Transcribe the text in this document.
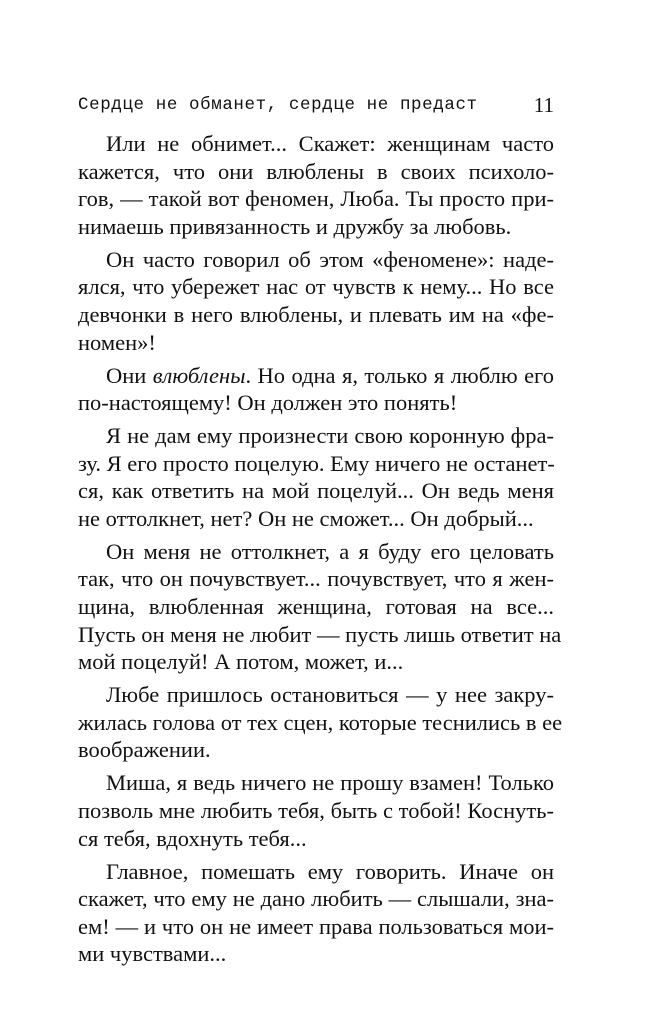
Сердце не обманет, сердце не предаст	11
Или не обнимет... Скажет: женщинам часто
кажется, что они влюблены в своих психоло-
гов, — такой вот феномен, Люба. Ты просто при-
нимаешь привязанность и дружбу за любовь.
Он часто говорил об этом «феномене»: наде-
ялся, что убережет нас от чувств к нему... Но все
девчонки в него влюблены, и плевать им на «фе-
номен»!
Они влюблены. Но одна я, только я люблю его
по-настоящему! Он должен это понять!
Я не дам ему произнести свою коронную фра-
зу. Я его просто поцелую. Ему ничего не останет-
ся, как ответить на мой поцелуй... Он ведь меня
не оттолкнет, нет? Он не сможет... Он добрый...
Он меня не оттолкнет, а я буду его целовать
так, что он почувствует... почувствует, что я жен-
щина, влюбленная женщина, готовая на все...
Пусть он меня не любит — пусть лишь ответит на
мой поцелуй! А потом, может, и...
Любе пришлось остановиться — у нее закру-
жилась голова от тех сцен, которые теснились в ее
воображении.
Миша, я ведь ничего не прошу взамен! Только
позволь мне любить тебя, быть с тобой! Коснуть-
ся тебя, вдохнуть тебя...
Главное, помешать ему говорить. Иначе он
скажет, что ему не дано любить — слышали, зна-
ем! — и что он не имеет права пользоваться мои-
ми чувствами...
